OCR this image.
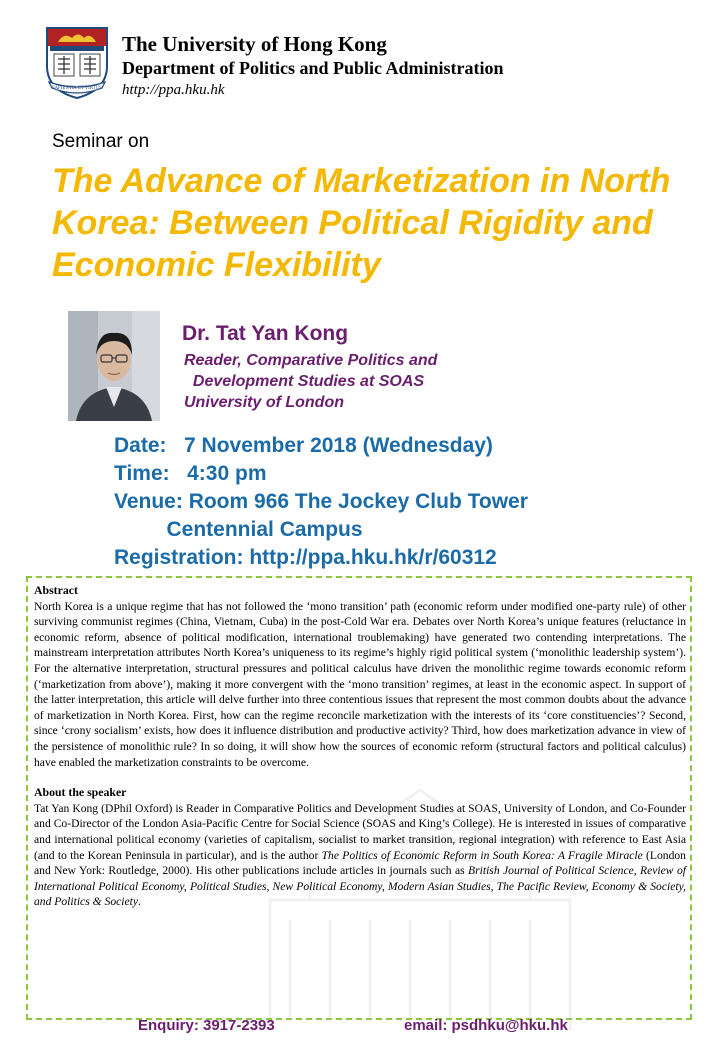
SAPIENTIA ET VIRTUS
The University of Hong Kong
Department of Politics and Public Administration
http://ppa.hku.hk
Seminar on
The Advance of Marketization in North Korea: Between Political Rigidity and Economic Flexibility
Dr. Tat Yan Kong
Reader, Comparative Politics and
Development Studies at SOAS
University of London
Date:   7 November 2018 (Wednesday)
Time:   4:30 pm
Venue: Room 966 The Jockey Club Tower
Centennial Campus
Registration: http://ppa.hku.hk/r/60312
Abstract

North Korea is a unique regime that has not followed the ‘mono transition’ path (economic reform under modified one-party rule) of other surviving communist regimes (China, Vietnam, Cuba) in the post-Cold War era. Debates over North Korea’s unique features (reluctance in economic reform, absence of political modification, international troublemaking) have generated two contending interpretations. The mainstream interpretation attributes North Korea’s uniqueness to its regime’s highly rigid political system (‘monolithic leadership system’). For the alternative interpretation, structural pressures and political calculus have driven the monolithic regime towards economic reform (‘marketization from above’), making it more convergent with the ‘mono transition’ regimes, at least in the economic aspect. In support of the latter interpretation, this article will delve further into three contentious issues that represent the most common doubts about the advance of marketization in North Korea. First, how can the regime reconcile marketization with the interests of its ‘core constituencies’? Second, since ‘crony socialism’ exists, how does it influence distribution and productive activity? Third, how does marketization advance in view of the persistence of monolithic rule? In so doing, it will show how the sources of economic reform (structural factors and political calculus) have enabled the marketization constraints to be overcome.

About the speaker

Tat Yan Kong (DPhil Oxford) is Reader in Comparative Politics and Development Studies at SOAS, University of London, and Co-Founder and Co-Director of the London Asia-Pacific Centre for Social Science (SOAS and King’s College). He is interested in issues of comparative and international political economy (varieties of capitalism, socialist to market transition, regional integration) with reference to East Asia (and to the Korean Peninsula in particular), and is the author The Politics of Economic Reform in South Korea: A Fragile Miracle (London and New York: Routledge, 2000). His other publications include articles in journals such as British Journal of Political Science, Review of International Political Economy, Political Studies, New Political Economy, Modern Asian Studies, The Pacific Review, Economy & Society, and Politics & Society.

Enquiry: 3917-2393	email: psdhku@hku.hk
